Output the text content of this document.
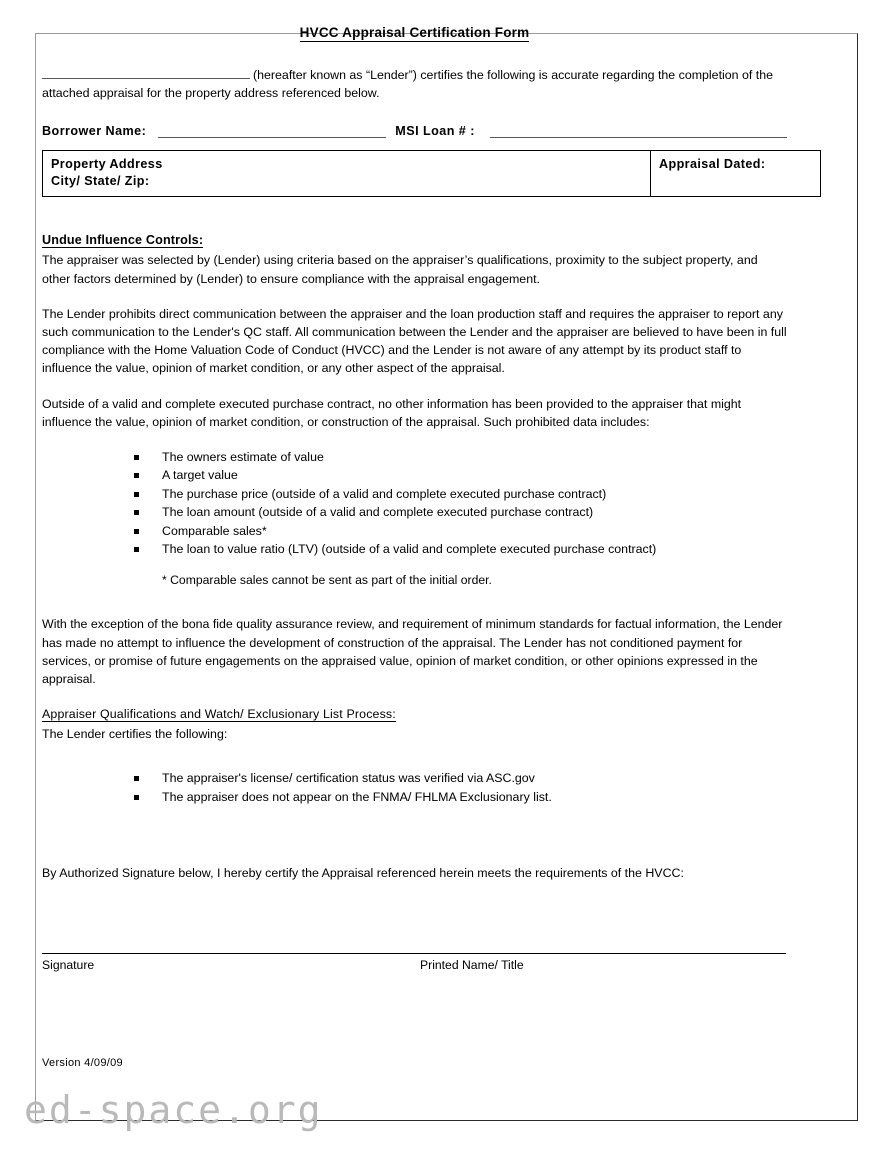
HVCC Appraisal Certification Form

(hereafter known as “Lender”) certifies the following is accurate regarding the completion of the attached appraisal for the property address referenced below.

Borrower Name:	MSI Loan # :
Property Address
City/ State/ Zip:
	Appraisal Dated:
Undue Influence Controls:

The appraiser was selected by (Lender) using criteria based on the appraiser’s qualifications, proximity to the subject property, and other factors determined by (Lender) to ensure compliance with the appraisal engagement.

The Lender prohibits direct communication between the appraiser and the loan production staff and requires the appraiser to report any such communication to the Lender's QC staff. All communication between the Lender and the appraiser are believed to have been in full compliance with the Home Valuation Code of Conduct (HVCC) and the Lender is not aware of any attempt by its product staff to influence the value, opinion of market condition, or any other aspect of the appraisal.

Outside of a valid and complete executed purchase contract, no other information has been provided to the appraiser that might influence the value, opinion of market condition, or construction of the appraisal. Such prohibited data includes:

The owners estimate of value
A target value
The purchase price (outside of a valid and complete executed purchase contract)
The loan amount (outside of a valid and complete executed purchase contract)
Comparable sales*
The loan to value ratio (LTV) (outside of a valid and complete executed purchase contract)
* Comparable sales cannot be sent as part of the initial order.

With the exception of the bona fide quality assurance review, and requirement of minimum standards for factual information, the Lender has made no attempt to influence the development of construction of the appraisal. The Lender has not conditioned payment for services, or promise of future engagements on the appraised value, opinion of market condition, or other opinions expressed in the appraisal.

Appraiser Qualifications and Watch/ Exclusionary List Process:

The Lender certifies the following:

The appraiser's license/ certification status was verified via ASC.gov
The appraiser does not appear on the FNMA/ FHLMA Exclusionary list.

By Authorized Signature below, I hereby certify the Appraisal referenced herein meets the requirements of the HVCC:

Signature	Printed Name/ Title
Version 4/09/09
ed-space.org
